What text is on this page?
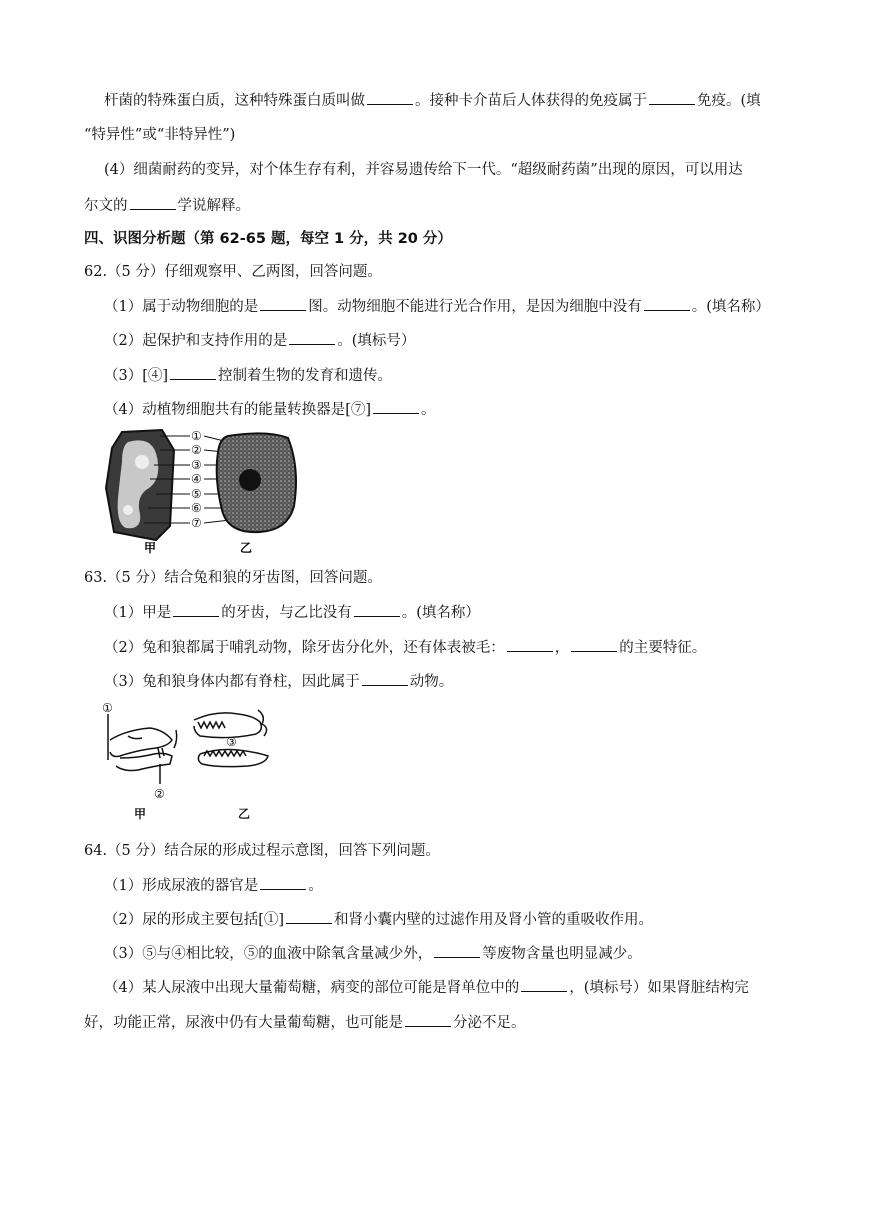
杆菌的特殊蛋白质，这种特殊蛋白质叫做	。接种卡介苗后人体获得的免疫属于	免疫。(填
“特异性”或“非特异性”)
(4）细菌耐药的变异，对个体生存有利，并容易遗传给下一代。“超级耐药菌”出现的原因，可以用达
尔文的	学说解释。
四、识图分析题（第 62-65 题，每空 1 分，共 20 分）
62.（5 分）仔细观察甲、乙两图，回答问题。
（1）属于动物细胞的是	图。动物细胞不能进行光合作用，是因为细胞中没有	。(填名称）
（2）起保护和支持作用的是	。(填标号）
（3）[④]	控制着生物的发育和遗传。
（4）动植物细胞共有的能量转换器是[⑦]	。
①
②
③
④
⑤
⑥
⑦
甲	乙
63.（5 分）结合兔和狼的牙齿图，回答问题。
（1）甲是	的牙齿，与乙比没有	。(填名称）
（2）兔和狼都属于哺乳动物，除牙齿分化外，还有体表被毛：	，	的主要特征。
（3）兔和狼身体内都有脊柱，因此属于	动物。
①
②
③
甲	乙
64.（5 分）结合尿的形成过程示意图，回答下列问题。
（1）形成尿液的器官是	。
（2）尿的形成主要包括[①]	和肾小囊内壁的过滤作用及肾小管的重吸收作用。
（3）⑤与④相比较，⑤的血液中除氧含量减少外，	等废物含量也明显减少。
（4）某人尿液中出现大量葡萄糖，病变的部位可能是肾单位中的	，(填标号）如果肾脏结构完
好，功能正常，尿液中仍有大量葡萄糖，也可能是	分泌不足。
